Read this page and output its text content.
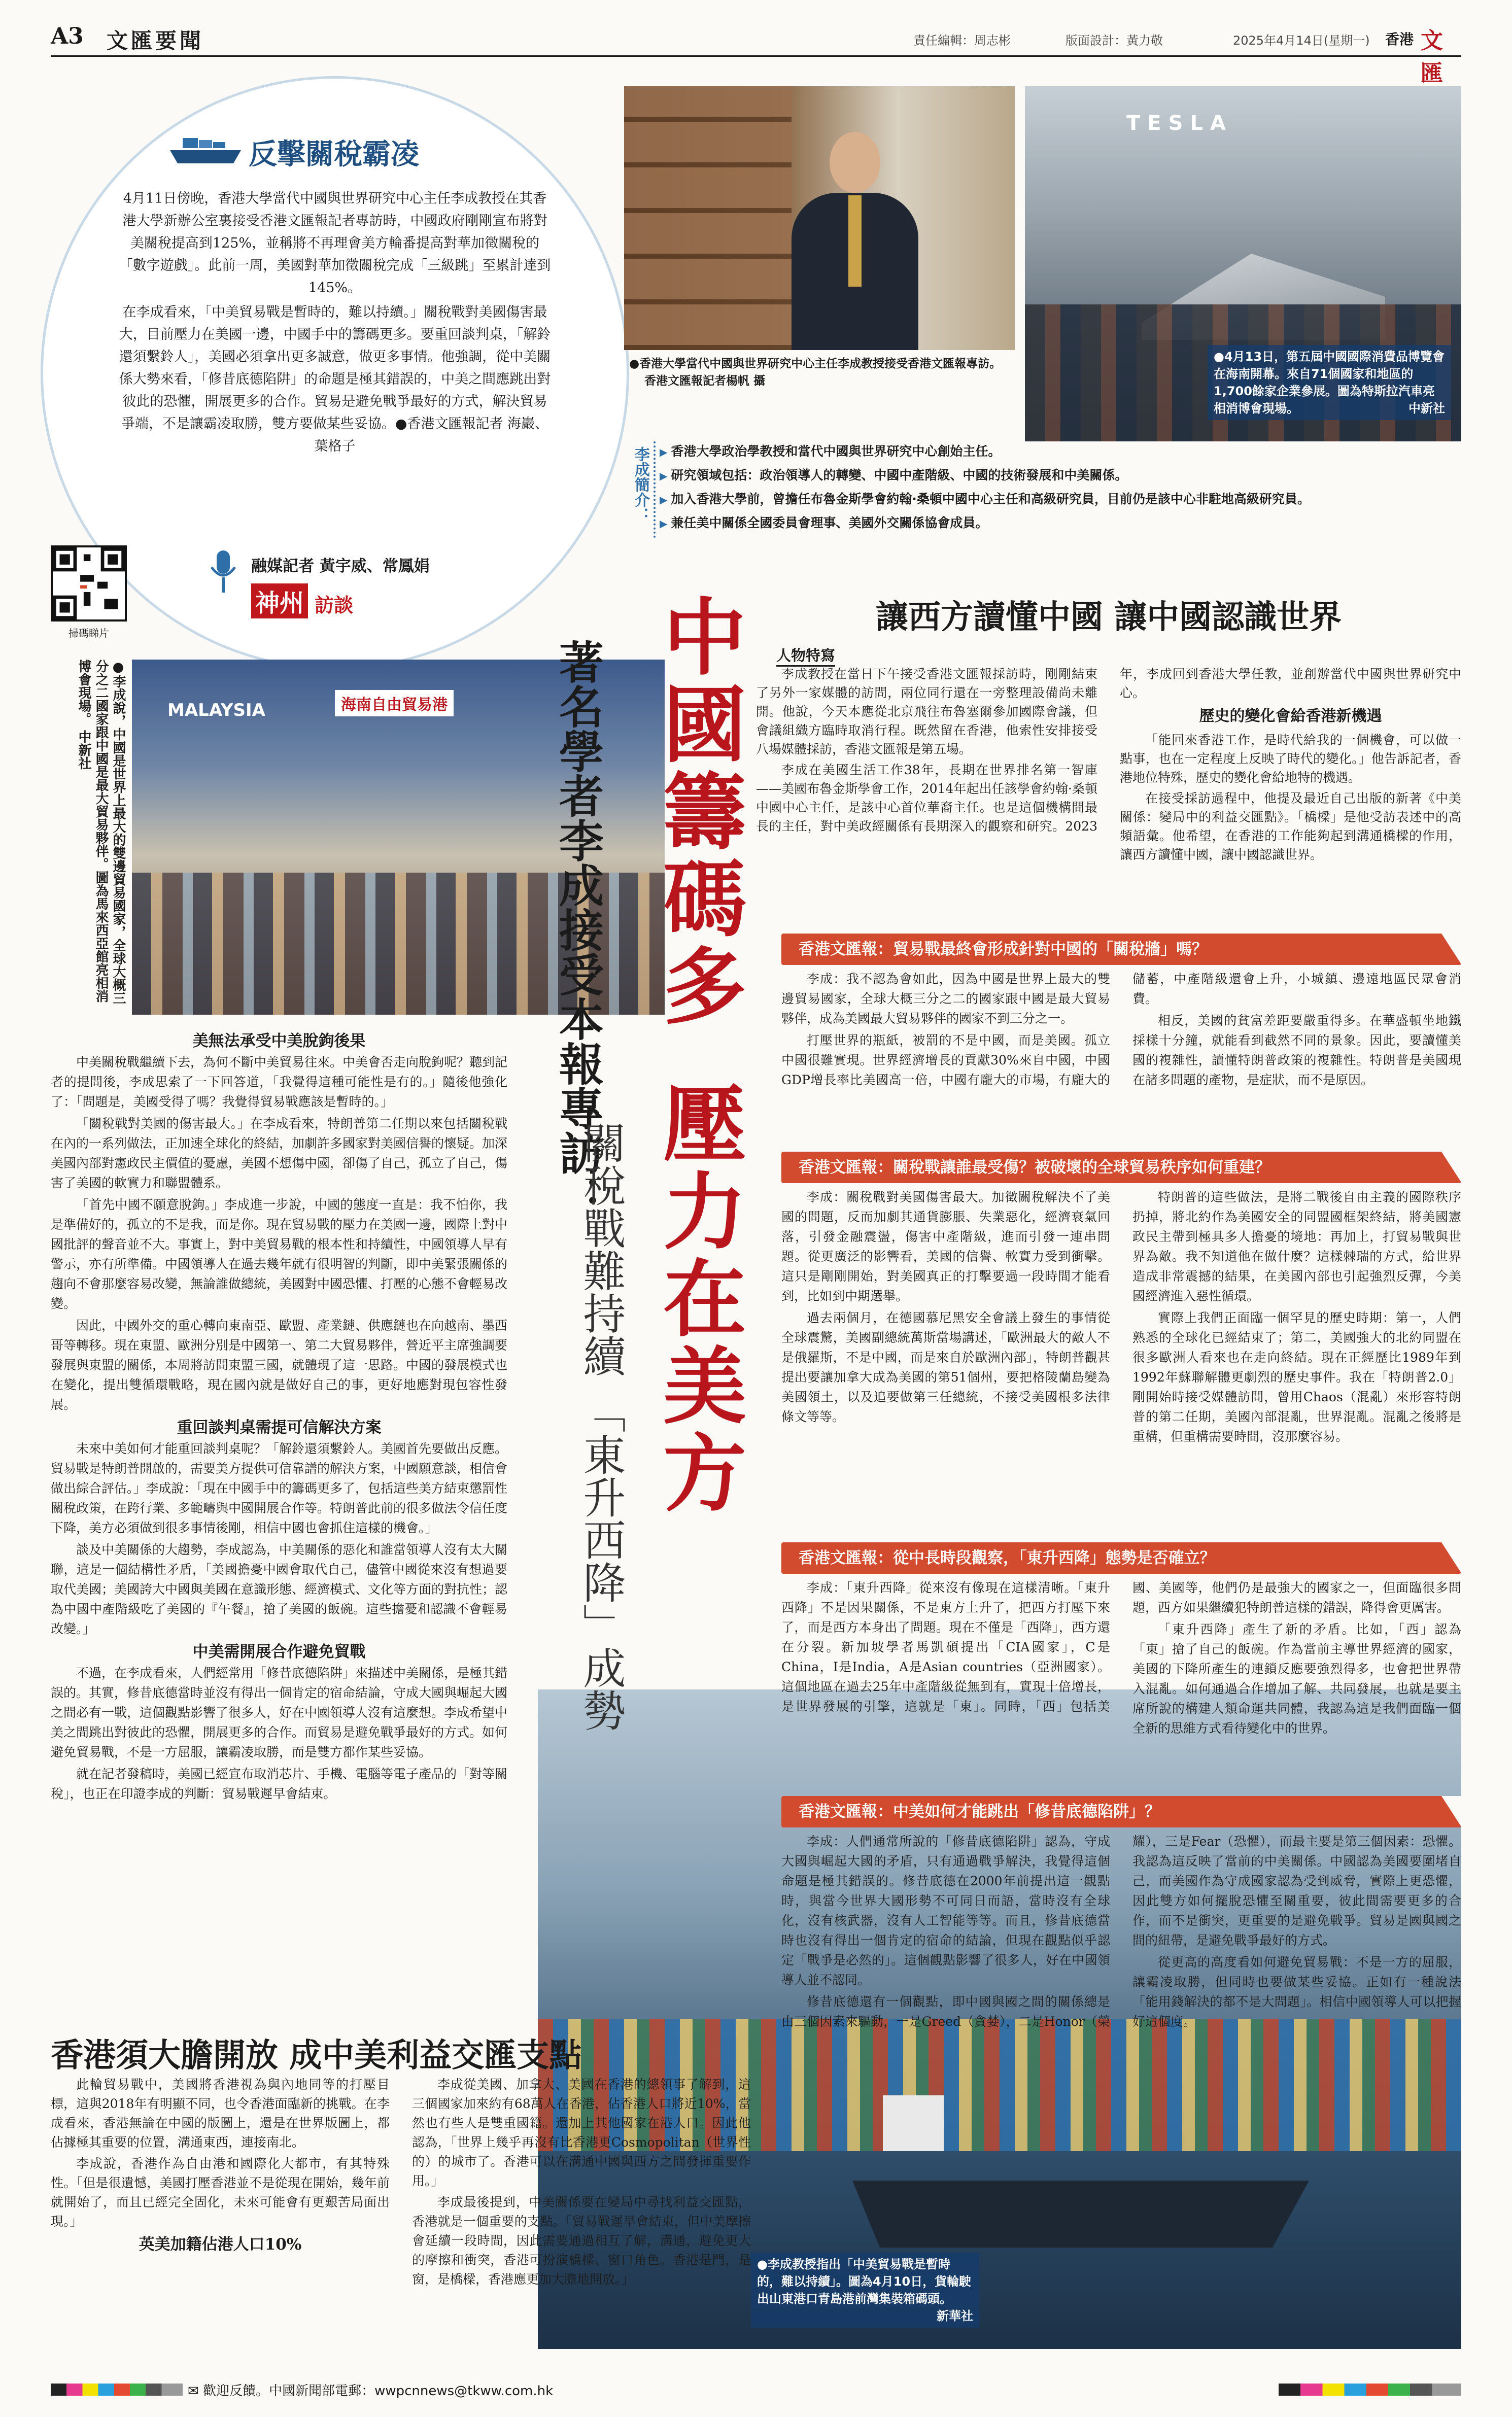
A3 文匯要聞	責任編輯：周志彬	版面設計：黃力敬	2025年4月14日(星期一) 香港 文匯
反擊關稅霸凌

4月11日傍晚，香港大學當代中國與世界研究中心主任李成教授在其香港大學新辦公室裏接受香港文匯報記者專訪時，中國政府剛剛宣布將對美關稅提高到125%，並稱將不再理會美方輪番提高對華加徵關稅的「數字遊戲」。此前一周，美國對華加徵關稅完成「三級跳」至累計達到145%。

在李成看來，「中美貿易戰是暫時的，難以持續。」關稅戰對美國傷害最大，目前壓力在美國一邊，中國手中的籌碼更多。要重回談判桌，「解鈴還須繫鈴人」，美國必須拿出更多誠意，做更多事情。他強調，從中美關係大勢來看，「修昔底德陷阱」的命題是極其錯誤的，中美之間應跳出對彼此的恐懼，開展更多的合作。貿易是避免戰爭最好的方式，解決貿易爭端，不是讓霸凌取勝，雙方要做某些妥協。●香港文匯報記者 海巖、葉格子

掃碼睇片
融媒記者 黃宇威、常鳳娟
神州 訪談
●香港大學當代中國與世界研究中心主任李成教授接受香港文匯報專訪。 香港文匯報記者楊帆 攝
TESLA
●4月13日，第五屆中國國際消費品博覽會在海南開幕。來自71個國家和地區的1,700餘家企業參展。圖為特斯拉汽車亮相消博會現場。	中新社
李成簡介：
▶	香港大學政治學教授和當代中國與世界研究中心創始主任。
▶ 研究領域包括：政治領導人的轉變、中國中產階級、中國的技術發展和中美關係。
▶ 加入香港大學前，曾擔任布魯金斯學會約翰·桑頓中國中心主任和高級研究員，目前仍是該中心非駐地高級研究員。
▶ 兼任美中關係全國委員會理事、美國外交關係協會成員。
MALAYSIA	海南自由貿易港
●李成說，中國是世界上最大的雙邊貿易國家，全球大概三分之二國家跟中國是最大貿易夥伴。圖為馬來西亞館亮相消博會現場。 中新社	中國籌碼多
壓力在美方
著名學者李成接受本報專訪：
關稅戰難持續 「東升西降」成勢
讓西方讀懂中國 讓中國認識世界
人物特寫

李成教授在當日下午接受香港文匯報採訪時，剛剛結束了另外一家媒體的訪問，兩位同行還在一旁整理設備尚未離開。他說，今天本應從北京飛往布魯塞爾參加國際會議，但會議組織方臨時取消行程。既然留在香港，他索性安排接受八場媒體採訪，香港文匯報是第五場。

李成在美國生活工作38年，長期在世界排名第一智庫——美國布魯金斯學會工作，2014年起出任該學會約翰·桑頓中國中心主任，是該中心首位華裔主任。也是這個機構間最長的主任，對中美政經關係有長期深入的觀察和研究。2023年，李成回到香港大學任教，並創辦當代中國與世界研究中心。

歷史的變化會給香港新機遇

「能回來香港工作，是時代給我的一個機會，可以做一點事，也在一定程度上反映了時代的變化。」他告訴記者，香港地位特殊，歷史的變化會給地特的機遇。

在接受採訪過程中，他提及最近自己出版的新著《中美關係：變局中的利益交匯點》。「橋樑」是他受訪表述中的高頻語彙。他希望，在香港的工作能夠起到溝通橋樑的作用，讓西方讀懂中國，讓中國認識世界。

香港文匯報：貿易戰最終會形成針對中國的「關稅牆」嗎？

李成：我不認為會如此，因為中國是世界上最大的雙邊貿易國家，全球大概三分之二的國家跟中國是最大貿易夥伴，成為美國最大貿易夥伴的國家不到三分之一。

打壓世界的瓶紙，被罰的不是中國，而是美國。孤立中國很難實現。世界經濟增長的貢獻30%來自中國，中國GDP增長率比美國高一倍，中國有龐大的市場，有龐大的儲蓄，中產階級還會上升，小城鎮、邊遠地區民眾會消費。

相反，美國的貧富差距要嚴重得多。在華盛頓坐地鐵採樣十分鐘，就能看到截然不同的景象。因此，要讀懂美國的複雜性，讀懂特朗普政策的複雜性。特朗普是美國現在諸多問題的產物，是症狀，而不是原因。

香港文匯報：關稅戰讓誰最受傷？被破壞的全球貿易秩序如何重建？

李成：關稅戰對美國傷害最大。加徵關稅解決不了美國的問題，反而加劇其通貨膨脹、失業惡化，經濟衰氣回落，引發金融震盪，傷害中產階級，進而引發一連串問題。從更廣泛的影響看，美國的信譽、軟實力受到衝擊。這只是剛剛開始，對美國真正的打擊要過一段時間才能看到，比如到中期選舉。

過去兩個月，在德國慕尼黑安全會議上發生的事情從全球震驚，美國副總統萬斯當場講述，「歐洲最大的敵人不是俄羅斯，不是中國，而是來自於歐洲內部」，特朗普觀甚提出要讓加拿大成為美國的第51個州，要把格陵蘭島變為美國領土，以及追要做第三任總統，不接受美國根多法律條文等等。

特朗普的這些做法，是將二戰後自由主義的國際秩序扔掉，將北約作為美國安全的同盟國框架終結，將美國憲政民主帶到極具多人擔憂的境地：再加上，打貿易戰與世界為敵。我不知道他在做什麼？這樣棘瑞的方式，給世界造成非常震撼的結果，在美國內部也引起強烈反彈，今美國經濟進入惡性循環。

實際上我們正面臨一個罕見的歷史時期：第一，人們熟悉的全球化已經結束了；第二，美國強大的北約同盟在很多歐洲人看來也在走向終結。現在正經歷比1989年到1992年蘇聯解體更劇烈的歷史事件。我在「特朗普2.0」剛開始時接受媒體訪問，曾用Chaos（混亂）來形容特朗普的第二任期，美國內部混亂，世界混亂。混亂之後將是重構，但重構需要時間，沒那麼容易。

香港文匯報：從中長時段觀察，「東升西降」態勢是否確立？

李成：「東升西降」從來沒有像現在這樣清晰。「東升西降」不是因果關係，不是東方上升了，把西方打壓下來了，而是西方本身出了問題。現在不僅是「西降」，西方還在分裂。新加坡學者馬凱碩提出「CIA國家」，C是China，I是India，A是Asian countries（亞洲國家）。這個地區在過去25年中產階級從無到有，實現十倍增長，是世界發展的引擎，這就是「東」。同時，「西」包括美國、美國等，他們仍是最強大的國家之一，但面臨很多問題，西方如果繼續犯特朗普這樣的錯誤，降得會更厲害。

「東升西降」產生了新的矛盾。比如，「西」認為「東」搶了自己的飯碗。作為當前主導世界經濟的國家，美國的下降所產生的連鎖反應要強烈得多，也會把世界帶入混亂。如何通過合作增加了解、共同發展，也就是要主席所說的構建人類命運共同體，我認為這是我們面臨一個全新的思維方式看待變化中的世界。

香港文匯報：中美如何才能跳出「修昔底德陷阱」？

李成：人們通常所說的「修昔底德陷阱」認為，守成大國與崛起大國的矛盾，只有通過戰爭解決，我覺得這個命題是極其錯誤的。修昔底德在2000年前提出這一觀點時，與當今世界大國形勢不可同日而語，當時沒有全球化，沒有核武器，沒有人工智能等等。而且，修昔底德當時也沒有得出一個肯定的宿命的結論，但現在觀點似乎認定「戰爭是必然的」。這個觀點影響了很多人，好在中國領導人並不認同。

修昔底德還有一個觀點，即中國與國之間的關係總是由三個因素來驅動，一是Greed（貪婪），二是Honor（榮耀），三是Fear（恐懼），而最主要是第三個因素：恐懼。我認為這反映了當前的中美關係。中國認為美國要圍堵自己，而美國作為守成國家認為受到威脅，實際上更恐懼，因此雙方如何擺脫恐懼至關重要，彼此間需要更多的合作，而不是衝突，更重要的是避免戰爭。貿易是國與國之間的紐帶，是避免戰爭最好的方式。

從更高的高度看如何避免貿易戰：不是一方的屈服，讓霸凌取勝，但同時也要做某些妥協。正如有一種說法「能用錢解決的都不是大問題」。相信中國領導人可以把握好這個度。

美無法承受中美脫鉤後果

中美關稅戰繼續下去，為何不斷中美貿易往來。中美會否走向脫鉤呢？聽到記者的提問後，李成思索了一下回答道，「我覺得這種可能性是有的。」隨後他強化了：「問題是，美國受得了嗎？我覺得貿易戰應該是暫時的。」

「關稅戰對美國的傷害最大。」在李成看來，特朗普第二任期以來包括關稅戰在內的一系列做法，正加速全球化的終結，加劇許多國家對美國信譽的懷疑。加深美國內部對憲政民主價值的憂慮，美國不想傷中國，卻傷了自己，孤立了自己，傷害了美國的軟實力和聯盟體系。

「首先中國不願意脫鉤。」李成進一步說，中國的態度一直是：我不怕你，我是準備好的，孤立的不是我，而是你。現在貿易戰的壓力在美國一邊，國際上對中國批評的聲音並不大。事實上，對中美貿易戰的根本性和持續性，中國領導人早有警示，亦有所準備。中國領導人在過去幾年就有很明智的判斷，即中美緊張關係的趨向不會那麼容易改變，無論誰做總統，美國對中國恐懼、打壓的心態不會輕易改變。

因此，中國外交的重心轉向東南亞、歐盟、產業鏈、供應鏈也在向越南、墨西哥等轉移。現在東盟、歐洲分別是中國第一、第二大貿易夥伴，營近平主席強調要發展與東盟的關係，本周將訪問東盟三國，就體現了這一思路。中國的發展模式也在變化，提出雙循環戰略，現在國內就是做好自己的事，更好地應對現包容性發展。

重回談判桌需提可信解決方案

未來中美如何才能重回談判桌呢？「解鈴還須繫鈴人。美國首先要做出反應。貿易戰是特朗普開啟的，需要美方提供可信靠譜的解決方案，中國願意談，相信會做出綜合評估。」李成說：「現在中國手中的籌碼更多了，包括這些美方結束懲罰性關稅政策，在跨行業、多範疇與中國開展合作等。特朗普此前的很多做法令信任度下降，美方必須做到很多事情後剛，相信中國也會抓住這樣的機會。」

談及中美關係的大趨勢，李成認為，中美關係的惡化和誰當領導人沒有太大關聯，這是一個結構性矛盾，「美國擔憂中國會取代自己，儘管中國從來沒有想過要取代美國；美國誇大中國與美國在意識形態、經濟模式、文化等方面的對抗性；認為中國中產階級吃了美國的『午餐』，搶了美國的飯碗。這些擔憂和認識不會輕易改變。」

中美需開展合作避免貿戰

不過，在李成看來，人們經常用「修昔底德陷阱」來描述中美關係，是極其錯誤的。其實，修昔底德當時並沒有得出一個肯定的宿命結論，守成大國與崛起大國之間必有一戰，這個觀點影響了很多人，好在中國領導人沒有這麼想。李成希望中美之間跳出對彼此的恐懼，開展更多的合作。而貿易是避免戰爭最好的方式。如何避免貿易戰，不是一方屈服，讓霸凌取勝，而是雙方都作某些妥協。

就在記者發稿時，美國已經宣布取消芯片、手機、電腦等電子產品的「對等關稅」，也正在印證李成的判斷：貿易戰遲早會結束。

●李成教授指出「中美貿易戰是暫時的，難以持續」。圖為4月10日，貨輪駛出山東港口青島港前灣集裝箱碼頭。
新華社
香港須大膽開放 成中美利益交匯支點

此輪貿易戰中，美國將香港視為與內地同等的打壓目標，這與2018年有明顯不同，也令香港面臨新的挑戰。在李成看來，香港無論在中國的版圖上，還是在世界版圖上，都佔據極其重要的位置，溝通東西，連接南北。

李成說，香港作為自由港和國際化大都市，有其特殊性。「但是很遺憾，美國打壓香港並不是從現在開始，幾年前就開始了，而且已經完全固化，未來可能會有更艱苦局面出現。」

英美加籍佔港人口10%

李成從美國、加拿大、美國在香港的總領事了解到，這三個國家加來約有68萬人在香港，佔香港人口將近10%，當然也有些人是雙重國籍。還加上其他國家在港人口。因此他認為，「世界上幾乎再沒有比香港更Cosmopolitan（世界性的）的城市了。香港可以在溝通中國與西方之間發揮重要作用。」

李成最後提到，中美關係要在變局中尋找利益交匯點，香港就是一個重要的支點。「貿易戰遲早會結束，但中美摩擦會延續一段時間，因此需要通過相互了解，溝通，避免更大的摩擦和衝突，香港可扮演橋樑、窗口角色。香港是門，是窗，是橋樑，香港應更加大膽地開放。」

✉ 歡迎反饋。中國新聞部電郵：wwpcnnews@tkww.com.hk
